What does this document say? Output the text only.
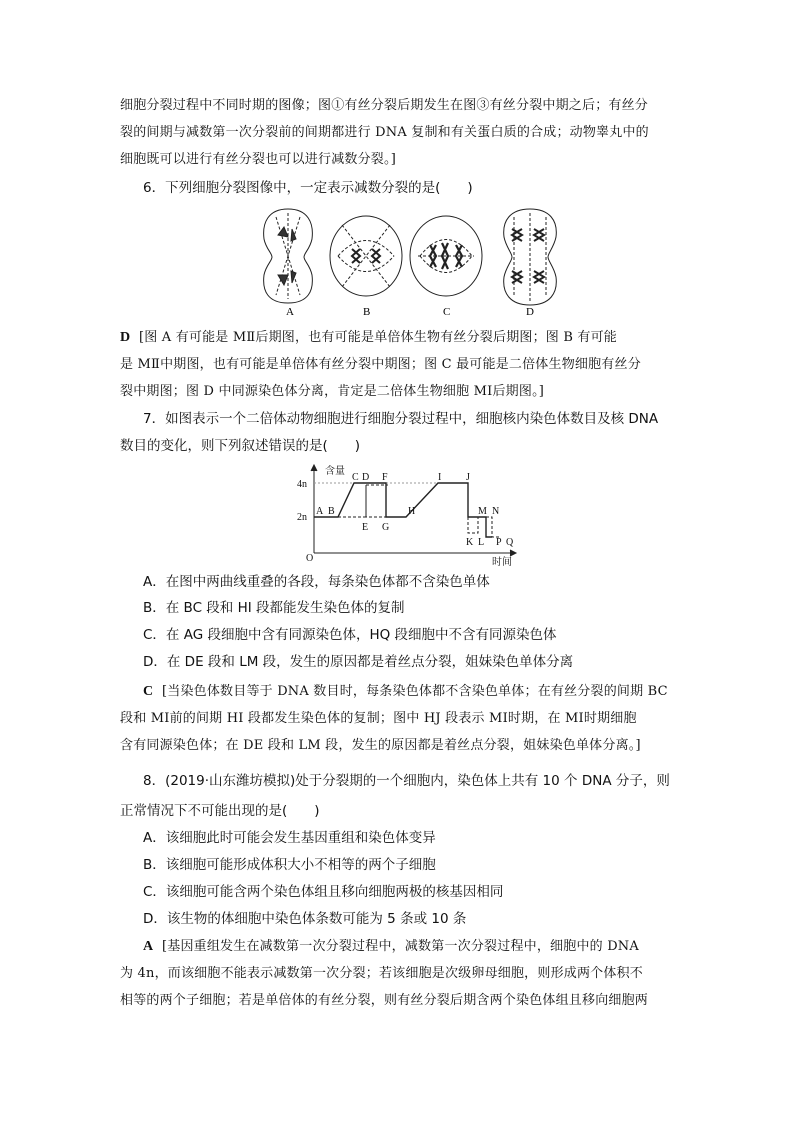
细胞分裂过程中不同时期的图像；图①有丝分裂后期发生在图③有丝分裂中期之后；有丝分
裂的间期与减数第一次分裂前的间期都进行 DNA 复制和有关蛋白质的合成；动物睾丸中的
细胞既可以进行有丝分裂也可以进行减数分裂。]
6．下列细胞分裂图像中，一定表示减数分裂的是(　　)
A	B	C	D
D [图 A 有可能是 MⅡ后期图，也有可能是单倍体生物有丝分裂后期图；图 B 有可能
是 MⅡ中期图，也有可能是单倍体有丝分裂中期图；图 C 最可能是二倍体生物细胞有丝分
裂中期图；图 D 中同源染色体分离，肯定是二倍体生物细胞 MⅠ后期图。]
7．如图表示一个二倍体动物细胞进行细胞分裂过程中，细胞核内染色体数目及核 DNA
数目的变化，则下列叙述错误的是(　　)
含量
4n
2n
O	时间
A B
C D
E
F
G
H
I J
K L
M N
P Q
A．在图中两曲线重叠的各段，每条染色体都不含染色单体
B．在 BC 段和 HI 段都能发生染色体的复制
C．在 AG 段细胞中含有同源染色体，HQ 段细胞中不含有同源染色体
D．在 DE 段和 LM 段，发生的原因都是着丝点分裂，姐妹染色单体分离
C [当染色体数目等于 DNA 数目时，每条染色体都不含染色单体；在有丝分裂的间期 BC
段和 MⅠ前的间期 HI 段都发生染色体的复制；图中 HJ 段表示 MⅠ时期，在 MⅠ时期细胞
含有同源染色体；在 DE 段和 LM 段，发生的原因都是着丝点分裂，姐妹染色单体分离。]
8．(2019·山东潍坊模拟)处于分裂期的一个细胞内，染色体上共有 10 个 DNA 分子，则
正常情况下不可能出现的是(　　)
A．该细胞此时可能会发生基因重组和染色体变异
B．该细胞可能形成体积大小不相等的两个子细胞
C．该细胞可能含两个染色体组且移向细胞两极的核基因相同
D．该生物的体细胞中染色体条数可能为 5 条或 10 条
A [基因重组发生在减数第一次分裂过程中，减数第一次分裂过程中，细胞中的 DNA
为 4n，而该细胞不能表示减数第一次分裂；若该细胞是次级卵母细胞，则形成两个体积不
相等的两个子细胞；若是单倍体的有丝分裂，则有丝分裂后期含两个染色体组且移向细胞两
